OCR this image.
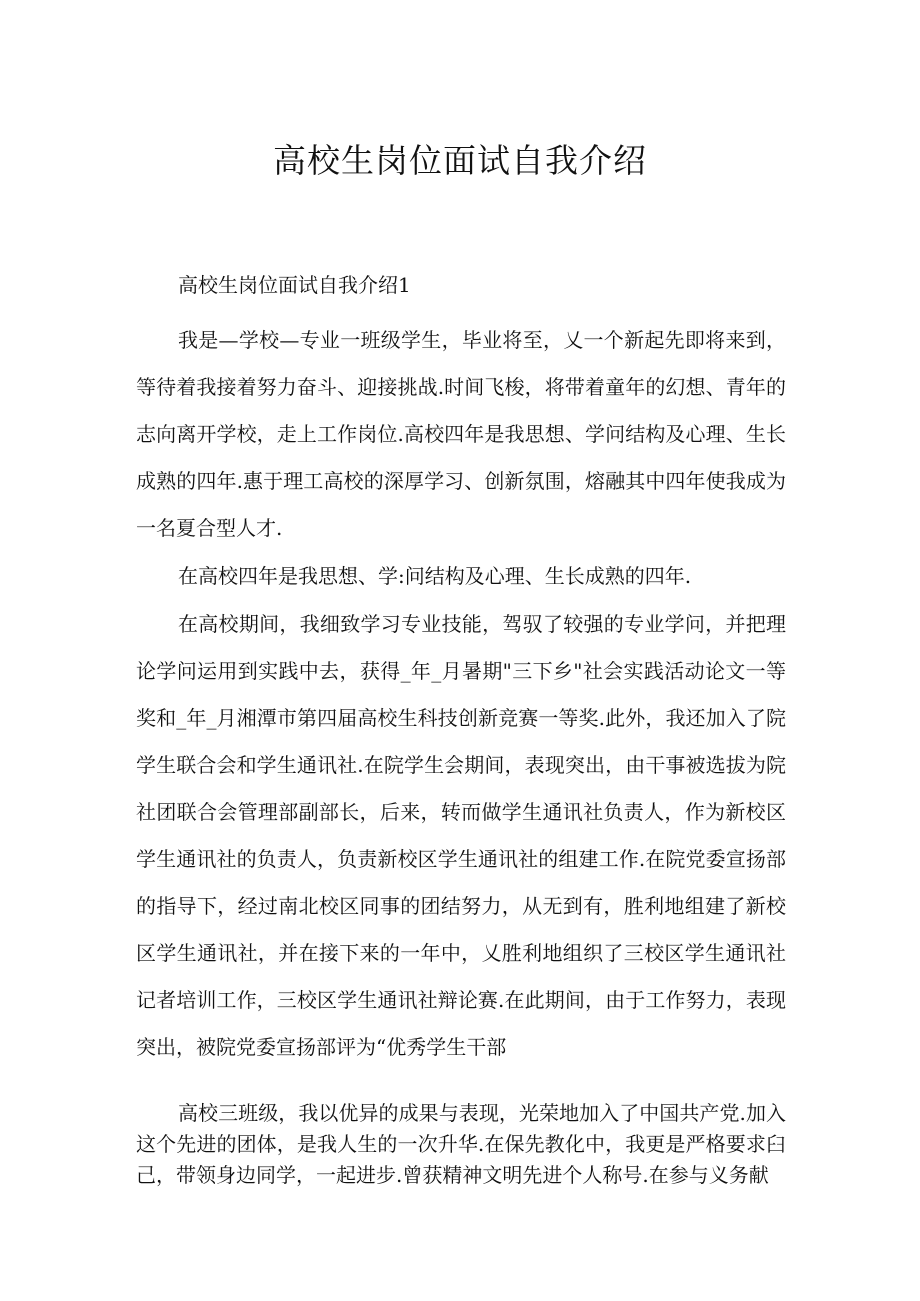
高校生岗位面试自我介绍

高校生岗位面试自我介绍1

我是—学校—专业一班级学生，毕业将至，乂一个新起先即将来到，等待着我接着努力奋斗、迎接挑战.时间飞梭，将带着童年的幻想、青年的志向离开学校，走上工作岗位.高校四年是我思想、学问结构及心理、生长成熟的四年.惠于理工高校的深厚学习、创新氛围，熔融其中四年使我成为一名夏合型人才.

在高校四年是我思想、学:问结构及心理、生长成熟的四年.

在高校期间，我细致学习专业技能，驾驭了较强的专业学问，并把理论学问运用到实践中去，获得_年_月暑期"三下乡"社会实践活动论文一等奖和_年_月湘潭市第四届高校生科技创新竞赛一等奖.此外，我还加入了院学生联合会和学生通讯社.在院学生会期间，表现突出，由干事被选拔为院社团联合会管理部副部长，后来，转而做学生通讯社负责人，作为新校区学生通讯社的负责人，负责新校区学生通讯社的组建工作.在院党委宣扬部的指导下，经过南北校区同事的团结努力，从无到有，胜利地组建了新校区学生通讯社，并在接下来的一年中，乂胜利地组织了三校区学生通讯社记者培训工作，三校区学生通讯社辩论赛.在此期间，由于工作努力，表现突出，被院党委宣扬部评为“优秀学生干部

高校三班级，我以优异的成果与表现，光荣地加入了中国共产党.加入这个先进的团体，是我人生的一次升华.在保先教化中，我更是严格要求臼己，带领身边同学，一起进步.曾获精神文明先进个人称号.在参与义务献
